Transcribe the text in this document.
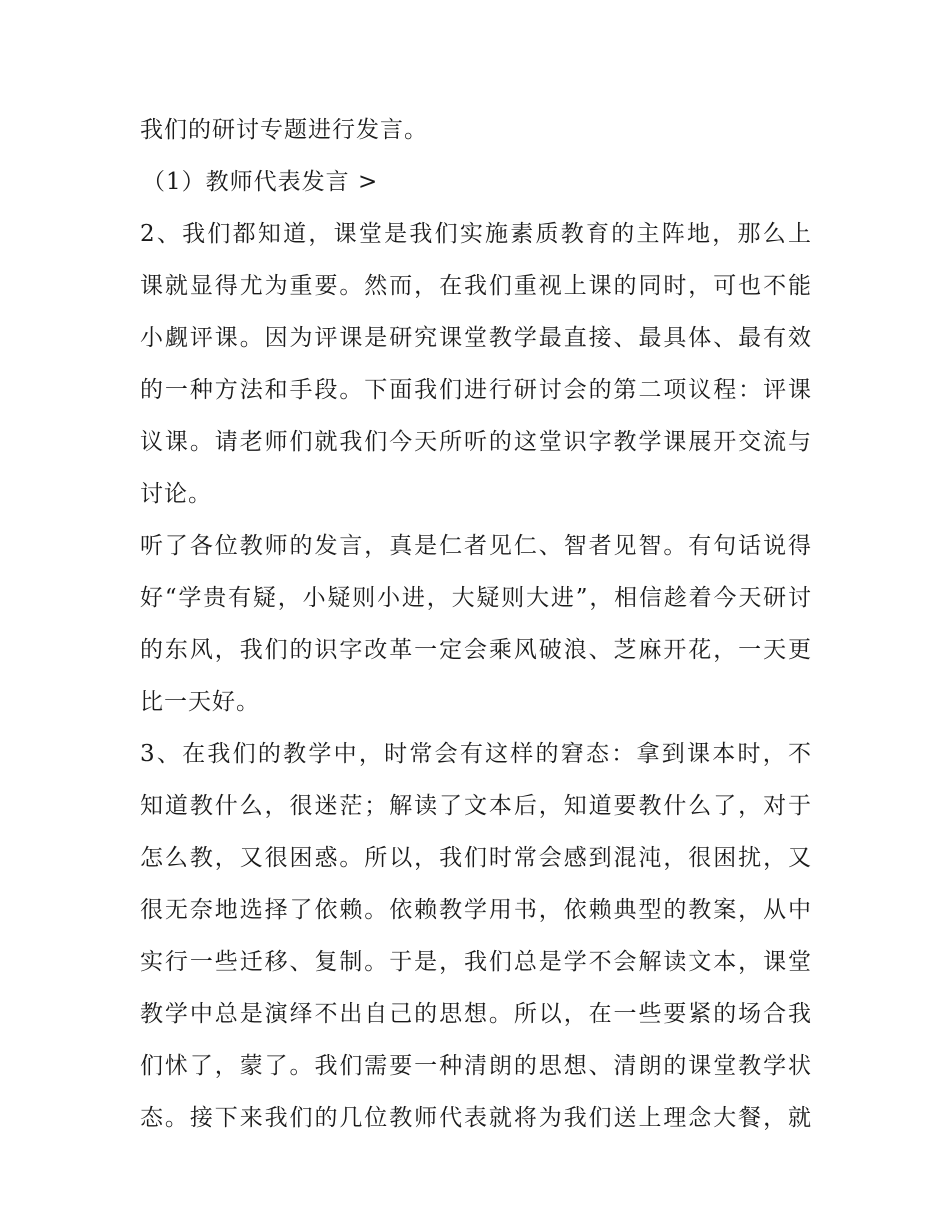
我们的研讨专题进行发言。
（1）教师代表发言 >
2、我们都知道，课堂是我们实施素质教育的主阵地，那么上
课就显得尤为重要。然而，在我们重视上课的同时，可也不能
小觑评课。因为评课是研究课堂教学最直接、最具体、最有效
的一种方法和手段。下面我们进行研讨会的第二项议程：评课
议课。请老师们就我们今天所听的这堂识字教学课展开交流与
讨论。
听了各位教师的发言，真是仁者见仁、智者见智。有句话说得
好“学贵有疑，小疑则小进，大疑则大进”，相信趁着今天研讨
的东风，我们的识字改革一定会乘风破浪、芝麻开花，一天更
比一天好。
3、在我们的教学中，时常会有这样的窘态：拿到课本时，不
知道教什么，很迷茫；解读了文本后，知道要教什么了，对于
怎么教，又很困惑。所以，我们时常会感到混沌，很困扰，又
很无奈地选择了依赖。依赖教学用书，依赖典型的教案，从中
实行一些迁移、复制。于是，我们总是学不会解读文本，课堂
教学中总是演绎不出自己的思想。所以，在一些要紧的场合我
们怵了，蒙了。我们需要一种清朗的思想、清朗的课堂教学状
态。接下来我们的几位教师代表就将为我们送上理念大餐，就
